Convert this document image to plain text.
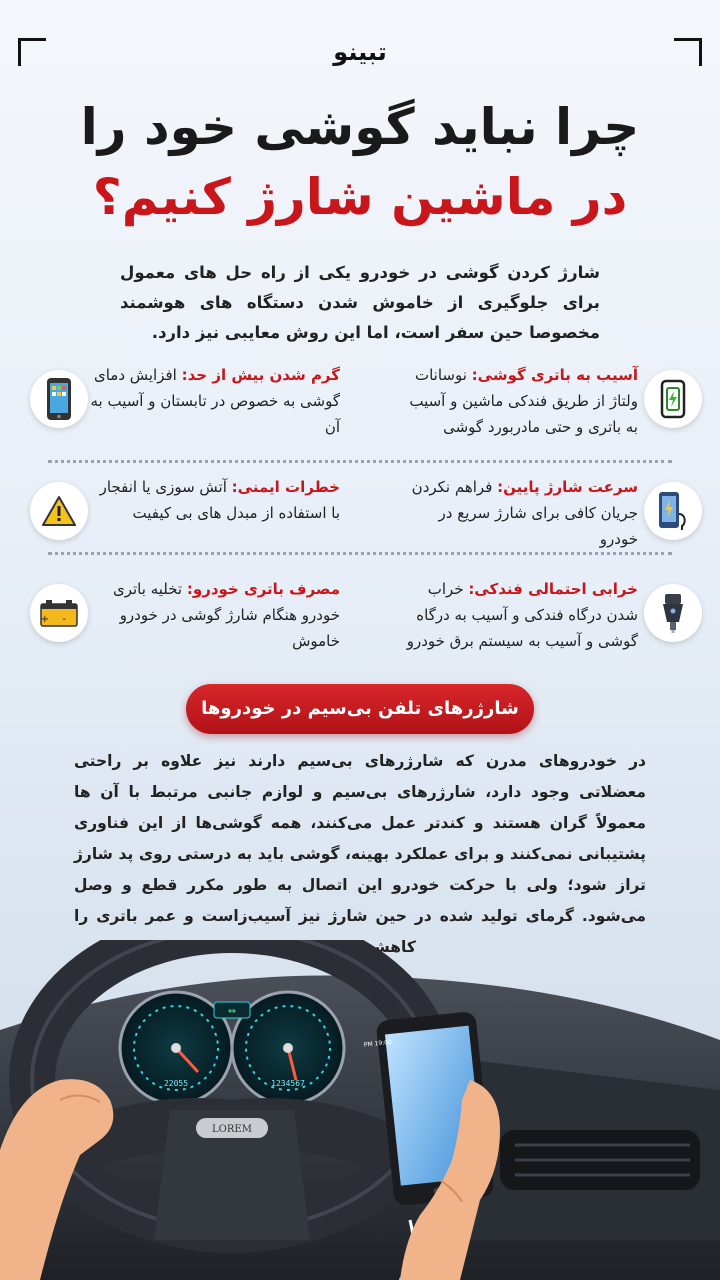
تبینو
چرا نباید گوشی خود را
در ماشین شارژ کنیم؟

شارژ کردن گوشی در خودرو یکی از راه حل های معمول برای جلوگیری از خاموش شدن دستگاه های هوشمند مخصوصا حین سفر است، اما این روش معایبی نیز دارد.

آسیب به باتری گوشی: نوسانات ولتاژ از طریق فندکی ماشین و آسیب به باتری و حتی مادربورد گوشی
گرم شدن بیش از حد: افزایش دمای گوشی به خصوص در تابستان و آسیب به آن
سرعت شارژ پایین: فراهم نکردن جریان کافی برای شارژ سریع در خودرو
خطرات ایمنی: آتش سوزی یا انفجار با استفاده از مبدل های بی کیفیت
خرابی احتمالی فندکی: خراب شدن درگاه فندکی و آسیب به درگاه گوشی و آسیب به سیستم برق خودرو
+ -
مصرف باتری خودرو: تخلیه باتری خودرو هنگام شارژ گوشی در خودرو خاموش
شارژرهای تلفن بی‌سیم در خودروها

در خودروهای مدرن که شارژرهای بی‌سیم دارند نیز علاوه بر راحتی معضلاتی وجود دارد، شارژرهای بی‌سیم و لوازم جانبی مرتبط با آن ها معمولاً گران هستند و کندتر عمل می‌کنند، همه گوشی‌ها از این فناوری پشتیبانی نمی‌کنند و برای عملکرد بهینه، گوشی باید به درستی روی پد شارژ تراز شود؛ ولی با حرکت خودرو این اتصال به طور مکرر قطع و وصل می‌شود. گرمای تولید شده در حین شارژ نیز آسیب‌زاست و عمر باتری را کاهش می‌دهد.

22055	1234567
⇔
LOREM
19:00 PM
